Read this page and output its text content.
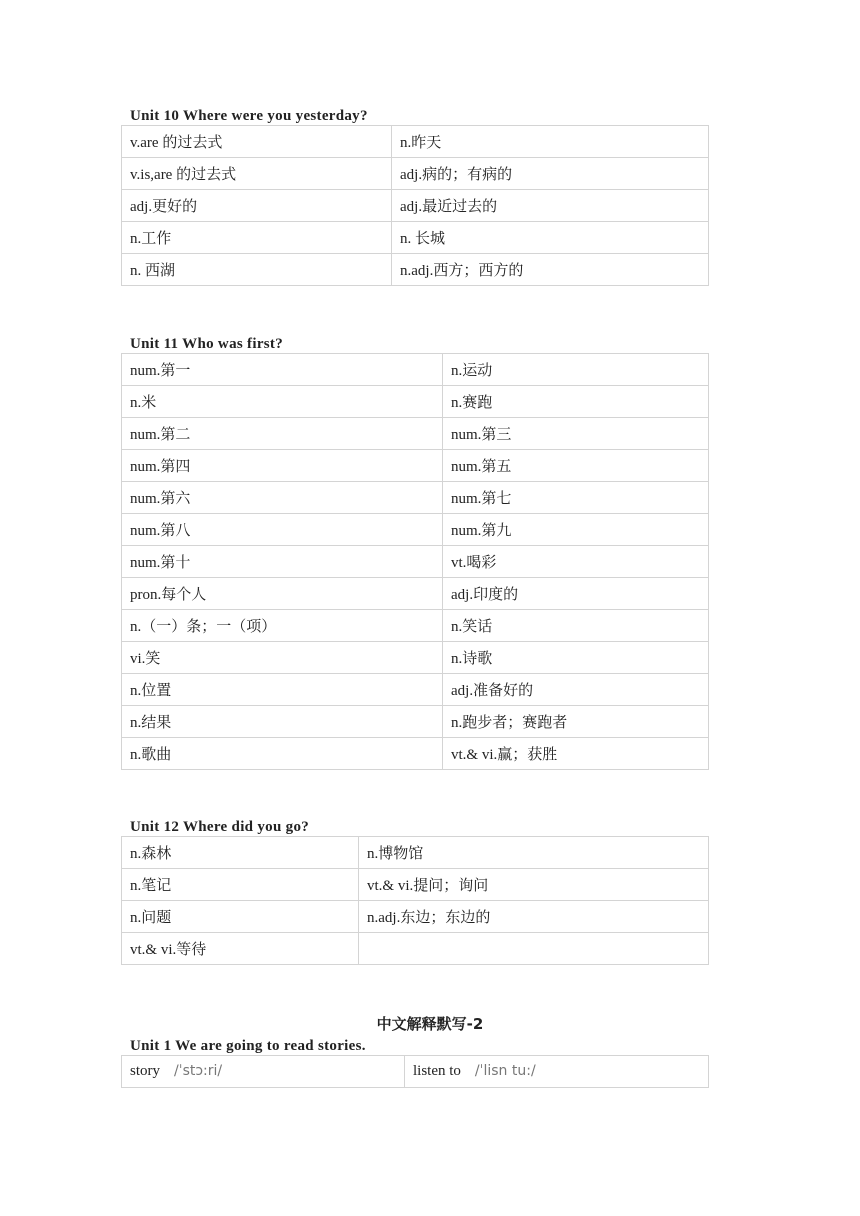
Unit 10 Where were you yesterday?
v.are 的过去式	n.昨天
v.is,are 的过去式	adj.病的；有病的
adj.更好的	adj.最近过去的
n.工作	n. 长城
n. 西湖	n.adj.西方；西方的
Unit 11 Who was first?
num.第一	n.运动
n.米	n.赛跑
num.第二	num.第三
num.第四	num.第五
num.第六	num.第七
num.第八	num.第九
num.第十	vt.喝彩
pron.每个人	adj.印度的
n.（一）条；一（项）	n.笑话
vi.笑	n.诗歌
n.位置	adj.准备好的
n.结果	n.跑步者；赛跑者
n.歌曲	vt.& vi.赢；获胜
Unit 12 Where did you go?
n.森林	n.博物馆
n.笔记	vt.& vi.提问；询问
n.问题	n.adj.东边；东边的
vt.& vi.等待	
中文解释默写-2
Unit 1 We are going to read stories.
story /ˈstɔ:ri/	listen to /ˈlisn tu:/
